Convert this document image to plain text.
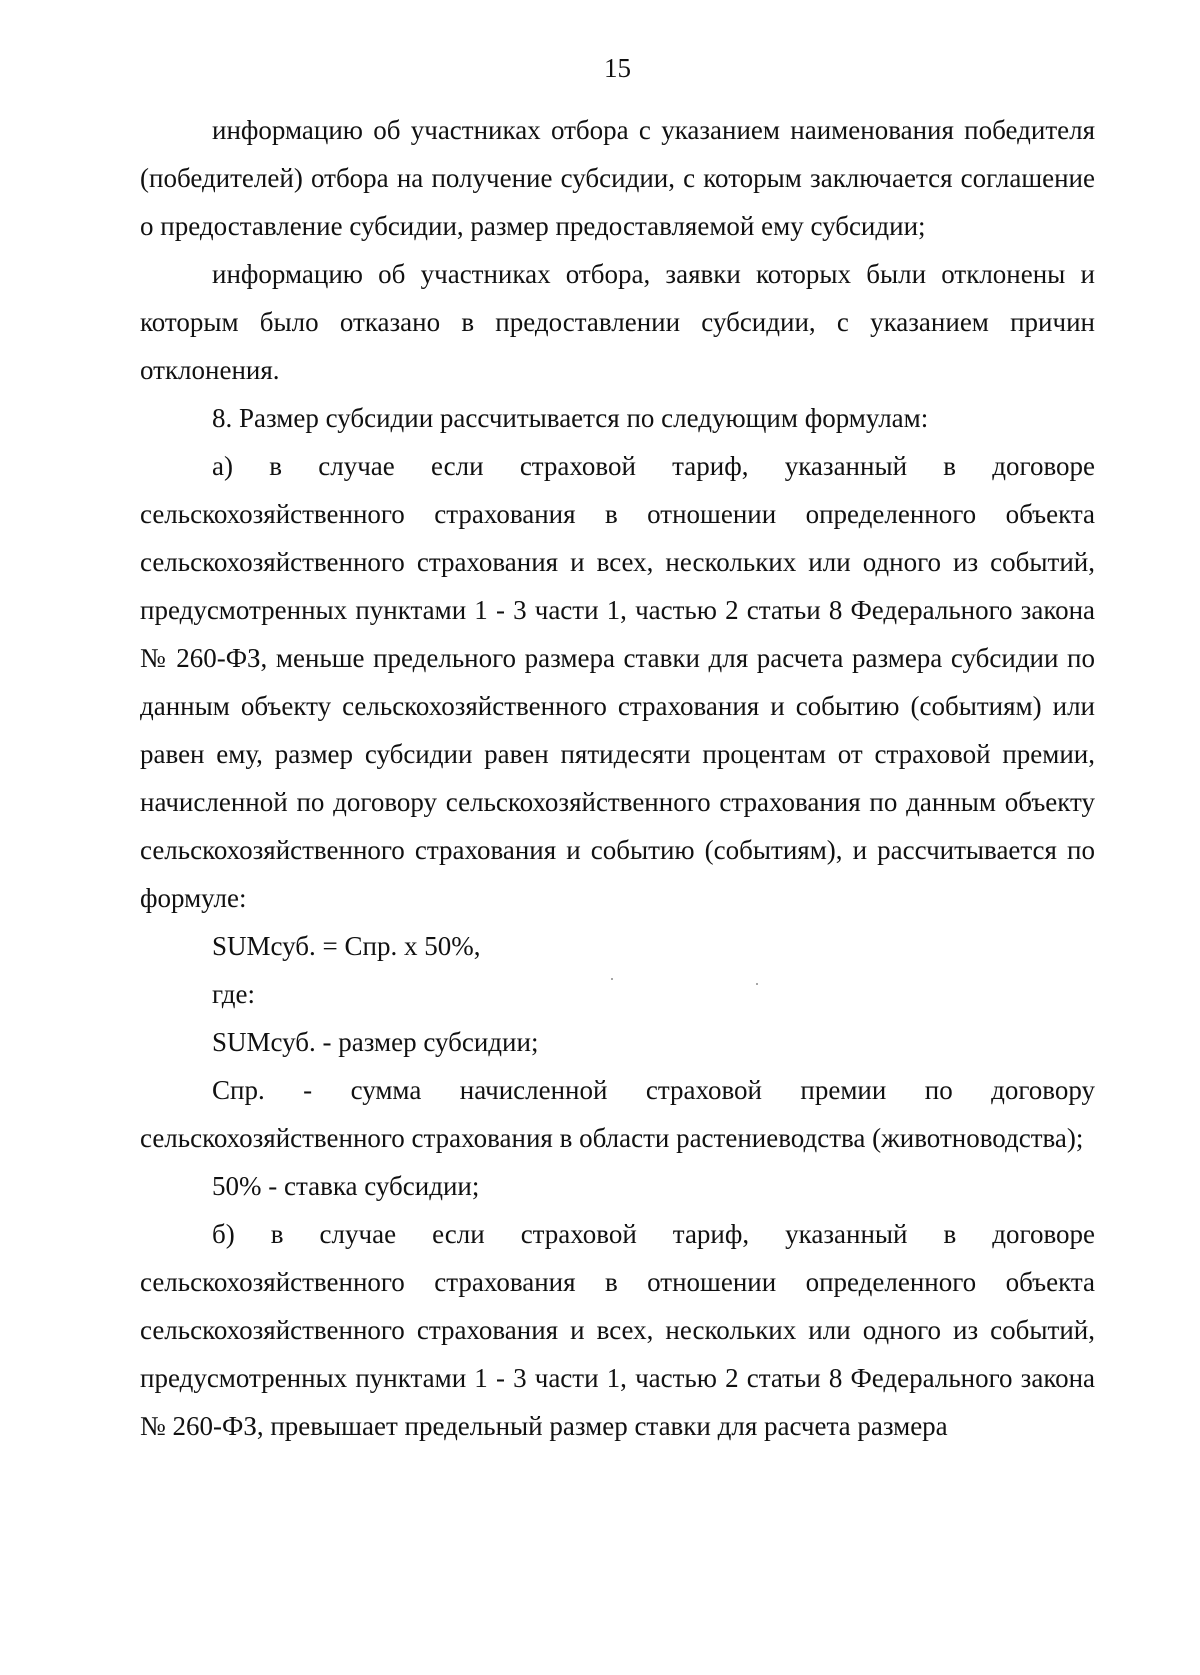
15

информацию об участниках отбора с указанием наименования победителя (победителей) отбора на получение субсидии, с которым заключается соглашение о предоставление субсидии, размер предоставляемой ему субсидии;

информацию об участниках отбора, заявки которых были отклонены и которым было отказано в предоставлении субсидии, с указанием причин отклонения.

8. Размер субсидии рассчитывается по следующим формулам:

а) в случае если страховой тариф, указанный в договоре сельскохозяйственного страхования в отношении определенного объекта сельскохозяйственного страхования и всех, нескольких или одного из событий, предусмотренных пунктами 1 - 3 части 1, частью 2 статьи 8 Федерального закона № 260-ФЗ, меньше предельного размера ставки для расчета размера субсидии по данным объекту сельскохозяйственного страхования и событию (событиям) или равен ему, размер субсидии равен пятидесяти процентам от страховой премии, начисленной по договору сельскохозяйственного страхования по данным объекту сельскохозяйственного страхования и событию (событиям), и рассчитывается по формуле:

SUMсуб. = Спр. x 50%,

где:

SUMсуб. - размер субсидии;

Спр. - сумма начисленной страховой премии по договору сельскохозяйственного страхования в области растениеводства (животноводства);

50% - ставка субсидии;

б) в случае если страховой тариф, указанный в договоре сельскохозяйственного страхования в отношении определенного объекта сельскохозяйственного страхования и всех, нескольких или одного из событий, предусмотренных пунктами 1 - 3 части 1, частью 2 статьи 8 Федерального закона № 260-ФЗ, превышает предельный размер ставки для расчета размера
